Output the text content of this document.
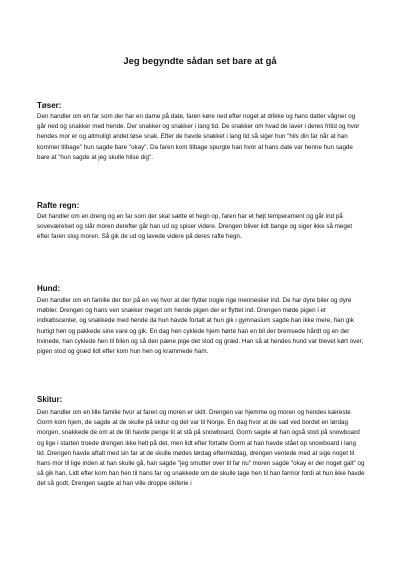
Jeg begyndte sådan set bare at gå
Tøser:

Den handler om en far som der har en dame på date, faren køre ned efter noget at drikke og hans datter vågner og går ned og snakker med hende. Der snakker og snakker i lang tid. De snakker om hvad de laver i deres fritid og hvor hendes mor er og altmuligt andet tøse snak. Efter de havde snakket i lang tid så siger hun "hils din far når at han kommer tilbage" hun sagde bare "okay". Da faren kom tilbage spurgte han hvor at hans date var henne hun sagde bare at "hun sagde at jeg skulle hilse dig".

Rafte regn:

Det handler om en dreng og en far som der skal sætte et hegn op, faren har et højt temperament og går ind på soveværelset og slår moren derefter går han ud og spiser videre. Drengen bliver lidt bange og siger ikke så meget efter faren slog moren. Så gik de ud og lavede videre på deres rafte hegn.

Hund:

Den handler om en familie der bor på en vej hvor at der flytter nogle rige mennesker ind. De har dyre biler og dyre møbler. Drengen og hans ven snakker meget om hende pigen der er flyttet ind. Drengen møde pigen i et indkøbscenter, og snakkede med hende da hun havde fortalt at hun gik i gymnasium sagde han ikke mere, han gik hurtigt hen og pakkede sine vare og gik. En dag hen cyklede hjem hørte han en bil der bremsede hårdt og en der hvinede, han cyklede hen til bilen og så den pæne pige det stod og græd. Han så at hendes hund var blevet kørt over, pigen stod og græd lidt efter kom hun hen og krammede ham.

Skitur:

Den handler om en lille familie hvor at faren og moren er skilt. Drengen var hjemme og moren og hendes kæreste Gorm kom hjem, de sagde at de skulle på skitur og det var til Norge. En dag hvor at de sad ved bordet en lørdag morgen, snakkede de om at de till havde penge til at stå på snowboard, Gorm sagde at han også stod på snowboard og lige i starten troede drengen ikke helt på det, men lidt efter fortalte Gorm at han havde stået op snowboard i lang tid. Drengen havde aftalt med sin far at de skulle mødes lørdag eftermiddag, drengen ventede med at sige noget til hans mor til lige inden at han skulle gå, han sagde "jeg smutter over til far nu" moren sagde "okay er der noget galt" og så gik han. Lidt efter kom han hen til hans far og snakkede om de skulle tage hen til han farmor fordi at hun ikke havde det så godt. Drengen sagde at han ville droppe skiferie i
